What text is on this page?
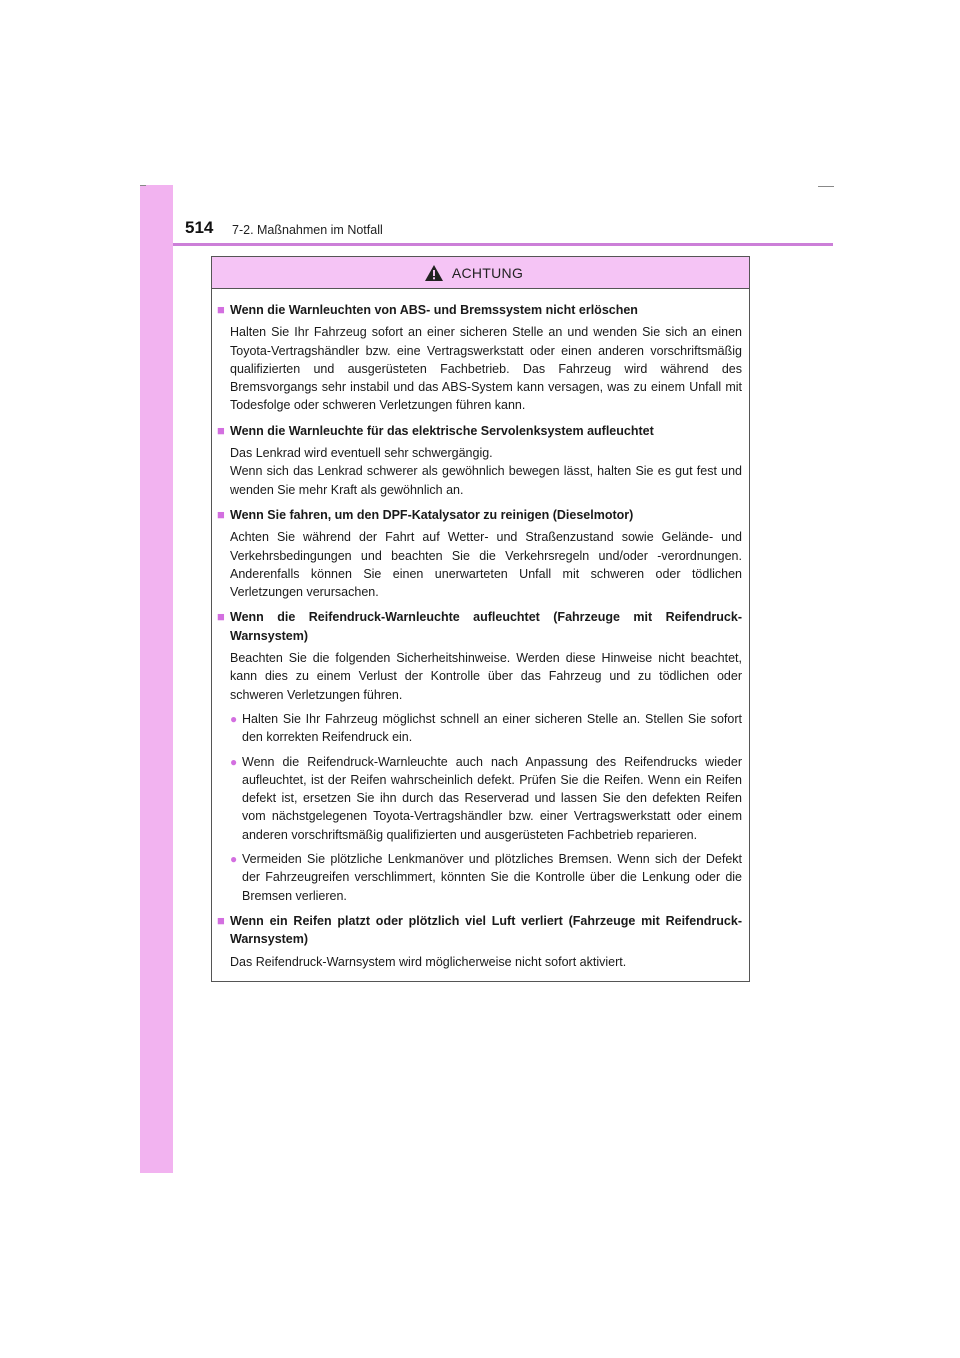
514 7-2. Maßnahmen im Notfall
ACHTUNG
■ Wenn die Warnleuchten von ABS- und Bremssystem nicht erlöschen

Halten Sie Ihr Fahrzeug sofort an einer sicheren Stelle an und wenden Sie sich an einen Toyota-Vertragshändler bzw. eine Vertragswerkstatt oder einen anderen vorschriftsmäßig qualifizierten und ausgerüsteten Fachbetrieb. Das Fahrzeug wird während des Bremsvorgangs sehr instabil und das ABS-System kann versagen, was zu einem Unfall mit Todesfolge oder schweren Verletzungen führen kann.

■ Wenn die Warnleuchte für das elektrische Servolenksystem aufleuchtet

Das Lenkrad wird eventuell sehr schwergängig.

Wenn sich das Lenkrad schwerer als gewöhnlich bewegen lässt, halten Sie es gut fest und wenden Sie mehr Kraft als gewöhnlich an.

■ Wenn Sie fahren, um den DPF-Katalysator zu reinigen (Dieselmotor)

Achten Sie während der Fahrt auf Wetter- und Straßenzustand sowie Gelände- und Verkehrsbedingungen und beachten Sie die Verkehrsregeln und/oder -verordnungen. Anderenfalls können Sie einen unerwarteten Unfall mit schweren oder tödlichen Verletzungen verursachen.

■ Wenn die Reifendruck-Warnleuchte aufleuchtet (Fahrzeuge mit Reifendruck-Warnsystem)

Beachten Sie die folgenden Sicherheitshinweise. Werden diese Hinweise nicht beachtet, kann dies zu einem Verlust der Kontrolle über das Fahrzeug und zu tödlichen oder schweren Verletzungen führen.

● Halten Sie Ihr Fahrzeug möglichst schnell an einer sicheren Stelle an. Stellen Sie sofort den korrekten Reifendruck ein.
● Wenn die Reifendruck-Warnleuchte auch nach Anpassung des Reifendrucks wieder aufleuchtet, ist der Reifen wahrscheinlich defekt. Prüfen Sie die Reifen. Wenn ein Reifen defekt ist, ersetzen Sie ihn durch das Reserverad und lassen Sie den defekten Reifen vom nächstgelegenen Toyota-Vertragshändler bzw. einer Vertragswerkstatt oder einem anderen vorschriftsmäßig qualifizierten und ausgerüsteten Fachbetrieb reparieren.
● Vermeiden Sie plötzliche Lenkmanöver und plötzliches Bremsen. Wenn sich der Defekt der Fahrzeugreifen verschlimmert, könnten Sie die Kontrolle über die Lenkung oder die Bremsen verlieren.
■ Wenn ein Reifen platzt oder plötzlich viel Luft verliert (Fahrzeuge mit Reifendruck-Warnsystem)

Das Reifendruck-Warnsystem wird möglicherweise nicht sofort aktiviert.
